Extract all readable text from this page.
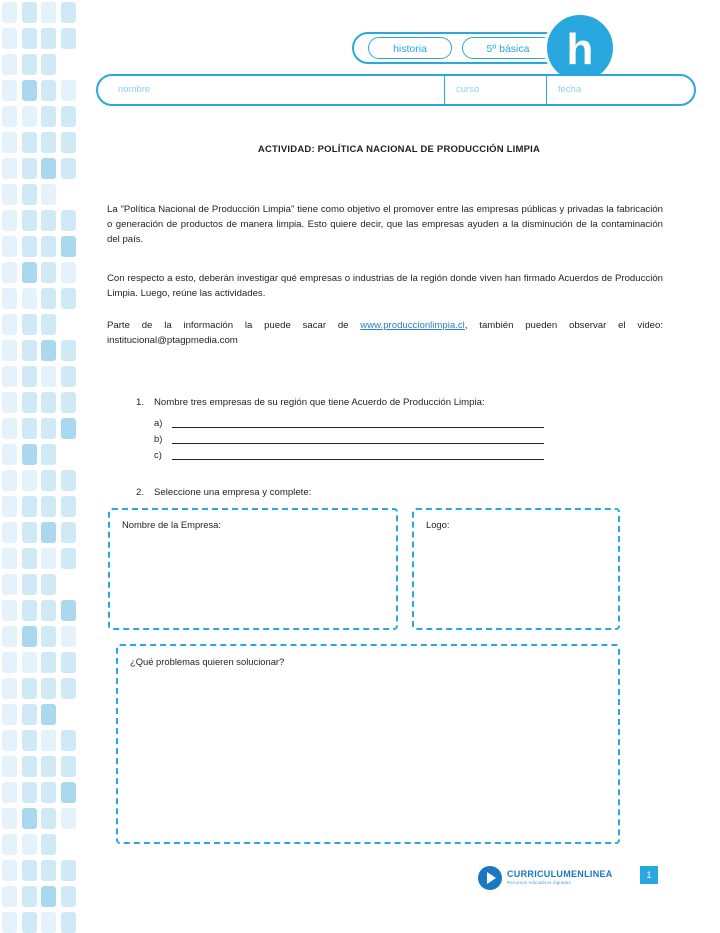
historia	5º básica h
nombre	curso	fecha
ACTIVIDAD: POLÍTICA NACIONAL DE PRODUCCIÓN LIMPIA
La "Política Nacional de Producción Limpia" tiene como objetivo el promover entre las empresas públicas y privadas la fabricación o generación de productos de manera limpia. Esto quiere decir, que las empresas ayuden a la disminución de la contaminación del país.
Con respecto a esto, deberán investigar qué empresas o industrias de la región donde viven han firmado Acuerdos de Producción Limpia. Luego, reúne las actividades.
Parte de la información la puede sacar de www.produccionlimpia.cl, también pueden observar el video: institucional@ptagpmedia.com
1. Nombre tres empresas de su región que tiene Acuerdo de Producción Limpia:
a)
b)
c)
2. Seleccione una empresa y complete:
Nombre de la Empresa:	Logo:
¿Qué problemas quieren solucionar?
CURRICULUMENLINEA
Recursos educativos digitales
1
